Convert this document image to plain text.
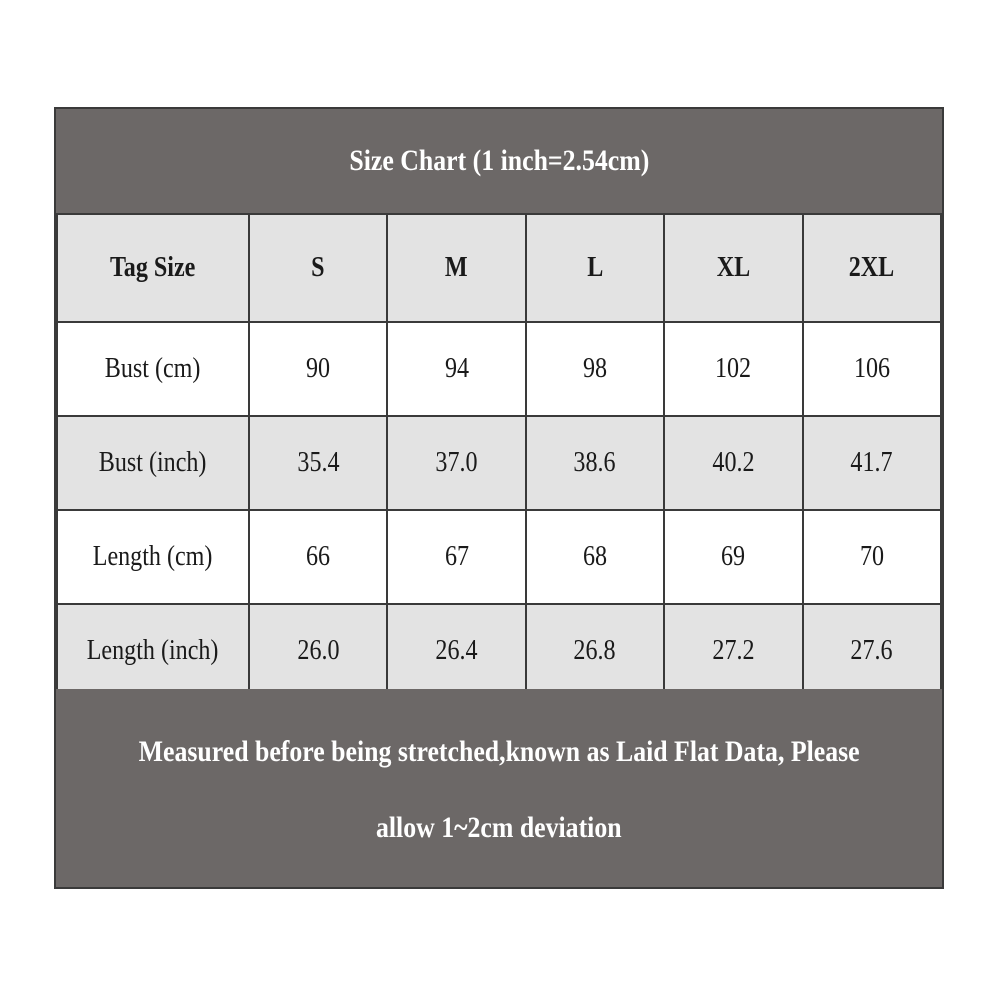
Size Chart (1 inch=2.54cm)
Tag Size	S	M	L	XL	2XL
Bust (cm)	90	94	98	102	106
Bust (inch)	35.4	37.0	38.6	40.2	41.7
Length (cm)	66	67	68	69	70
Length (inch)	26.0	26.4	26.8	27.2	27.6
Measured before being stretched,known as Laid Flat Data, Please
allow 1~2cm deviation
